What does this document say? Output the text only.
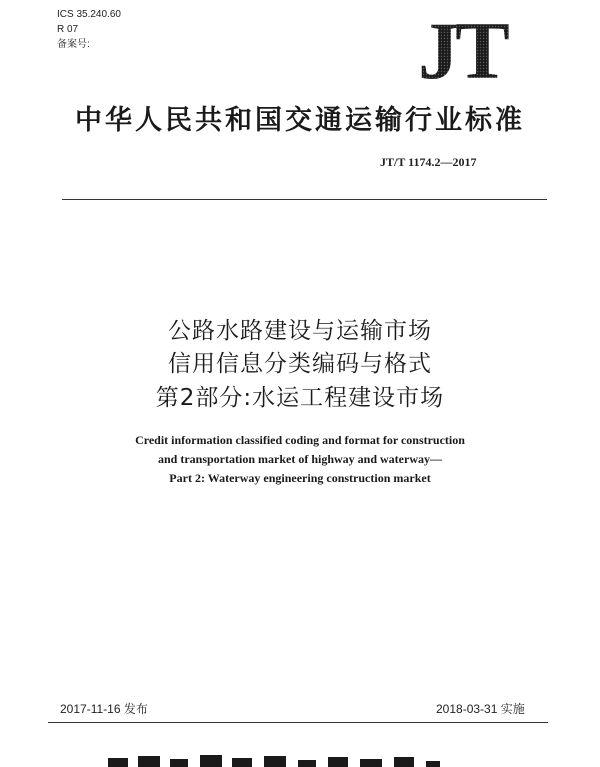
ICS 35.240.60
R 07
备案号:	JT
中华人民共和国交通运输行业标准
JT/T 1174.2—2017
公路水路建设与运输市场
信用信息分类编码与格式
第2部分:水运工程建设市场
Credit information classified coding and format for construction
and transportation market of highway and waterway—
Part 2: Waterway engineering construction market
2017-11-16 发布	2018-03-31 实施
